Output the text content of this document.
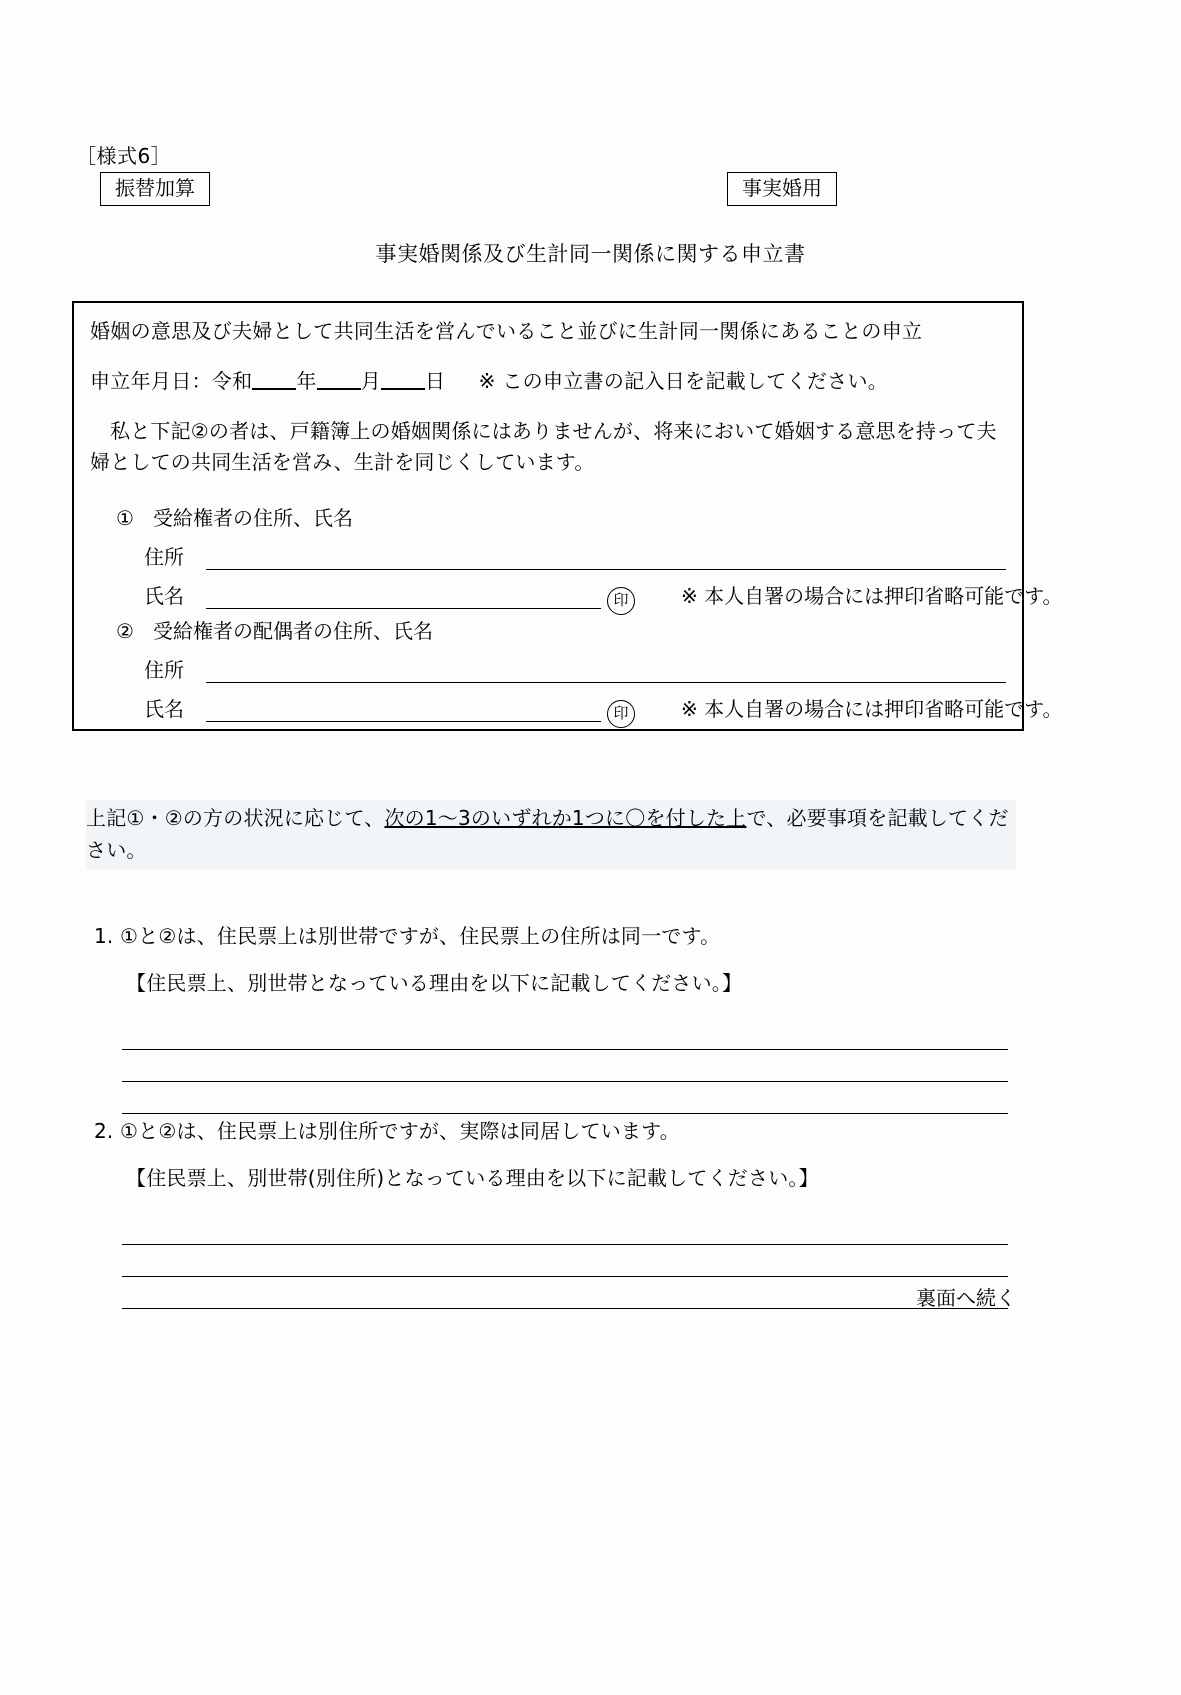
［様式6］
振替加算	事実婚用
事実婚関係及び生計同一関係に関する申立書
婚姻の意思及び夫婦として共同生活を営んでいること並びに生計同一関係にあることの申立
申立年月日：令和 年 月 日 ※ この申立書の記入日を記載してください。
私と下記②の者は、戸籍簿上の婚姻関係にはありませんが、将来において婚姻する意思を持って夫婦としての共同生活を営み、生計を同じくしています。
① 受給権者の住所、氏名
住所
氏名	印	※ 本人自署の場合には押印省略可能です。
② 受給権者の配偶者の住所、氏名
住所
氏名	印	※ 本人自署の場合には押印省略可能です。
上記①・②の方の状況に応じて、次の1～3のいずれか1つに〇を付した上で、必要事項を記載してください。
1. ①と②は、住民票上は別世帯ですが、住民票上の住所は同一です。
【住民票上、別世帯となっている理由を以下に記載してください。】
2. ①と②は、住民票上は別住所ですが、実際は同居しています。
【住民票上、別世帯(別住所)となっている理由を以下に記載してください。】
裏面へ続く
